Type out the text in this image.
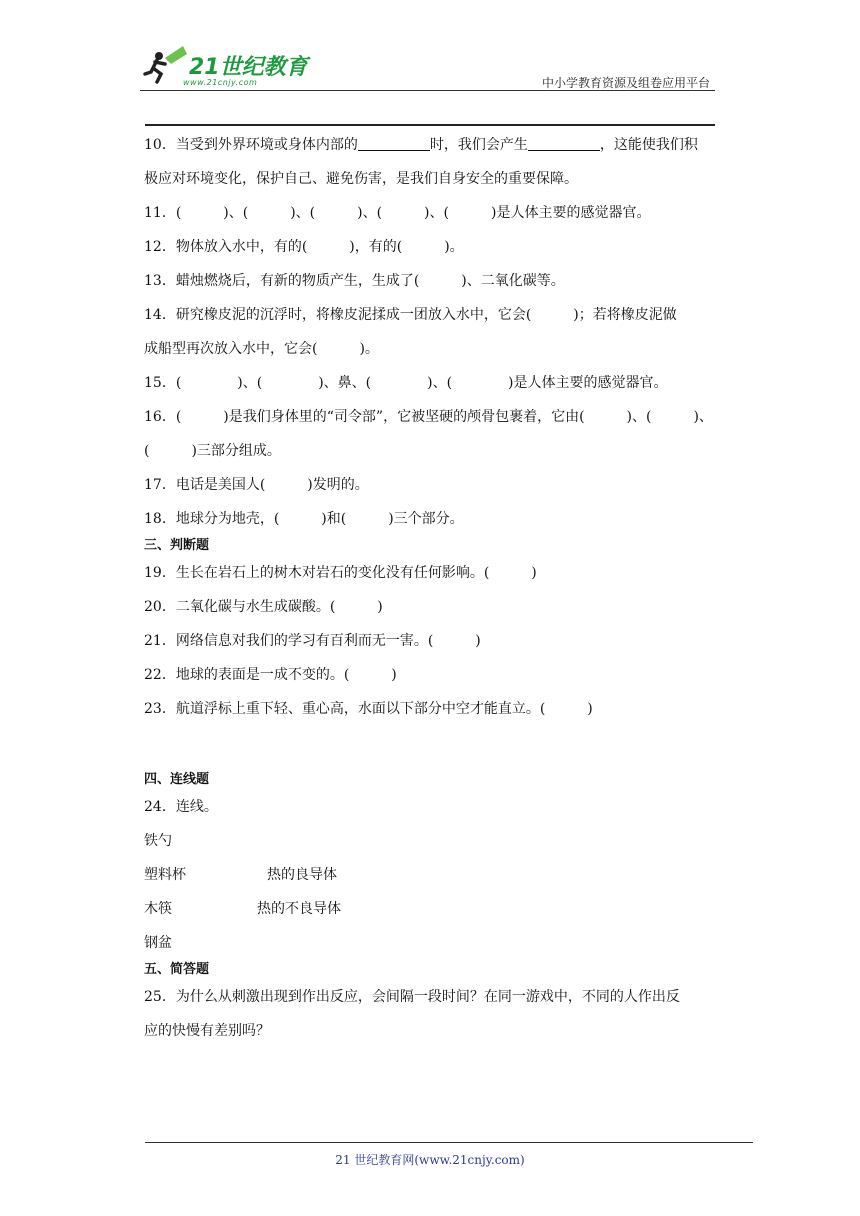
21世纪教育
www.21cnjy.com	中小学教育资源及组卷应用平台
10．当受到外界环境或身体内部的	时，我们会产生	，这能使我们积
极应对环境变化，保护自己、避免伤害，是我们自身安全的重要保障。
11．(　　　)、(　　　)、(　　　)、(　　　)、(　　　)是人体主要的感觉器官。
12．物体放入水中，有的(　　　)，有的(　　　)。
13．蜡烛燃烧后，有新的物质产生，生成了(　　　)、二氧化碳等。
14．研究橡皮泥的沉浮时，将橡皮泥揉成一团放入水中，它会(　　　)；若将橡皮泥做
成船型再次放入水中，它会(　　　)。
15．(　　　　)、(　　　　)、鼻、(　　　　)、(　　　　)是人体主要的感觉器官。
16．(　　　)是我们身体里的“司令部”，它被坚硬的颅骨包裹着，它由(　　　)、(　　　)、
(　　　)三部分组成。
17．电话是美国人(　　　)发明的。
18．地球分为地壳，(　　　)和(　　　)三个部分。
三、判断题
19．生长在岩石上的树木对岩石的变化没有任何影响。(　　　)
20．二氧化碳与水生成碳酸。(　　　)
21．网络信息对我们的学习有百利而无一害。(　　　)
22．地球的表面是一成不变的。(　　　)
23．航道浮标上重下轻、重心高，水面以下部分中空才能直立。(　　　)
四、连线题
24．连线。
铁勺
塑料杯	热的良导体
木筷	热的不良导体
钢盆
五、简答题
25．为什么从刺激出现到作出反应，会间隔一段时间？在同一游戏中，不同的人作出反
应的快慢有差别吗？
21 世纪教育网(www.21cnjy.com)
